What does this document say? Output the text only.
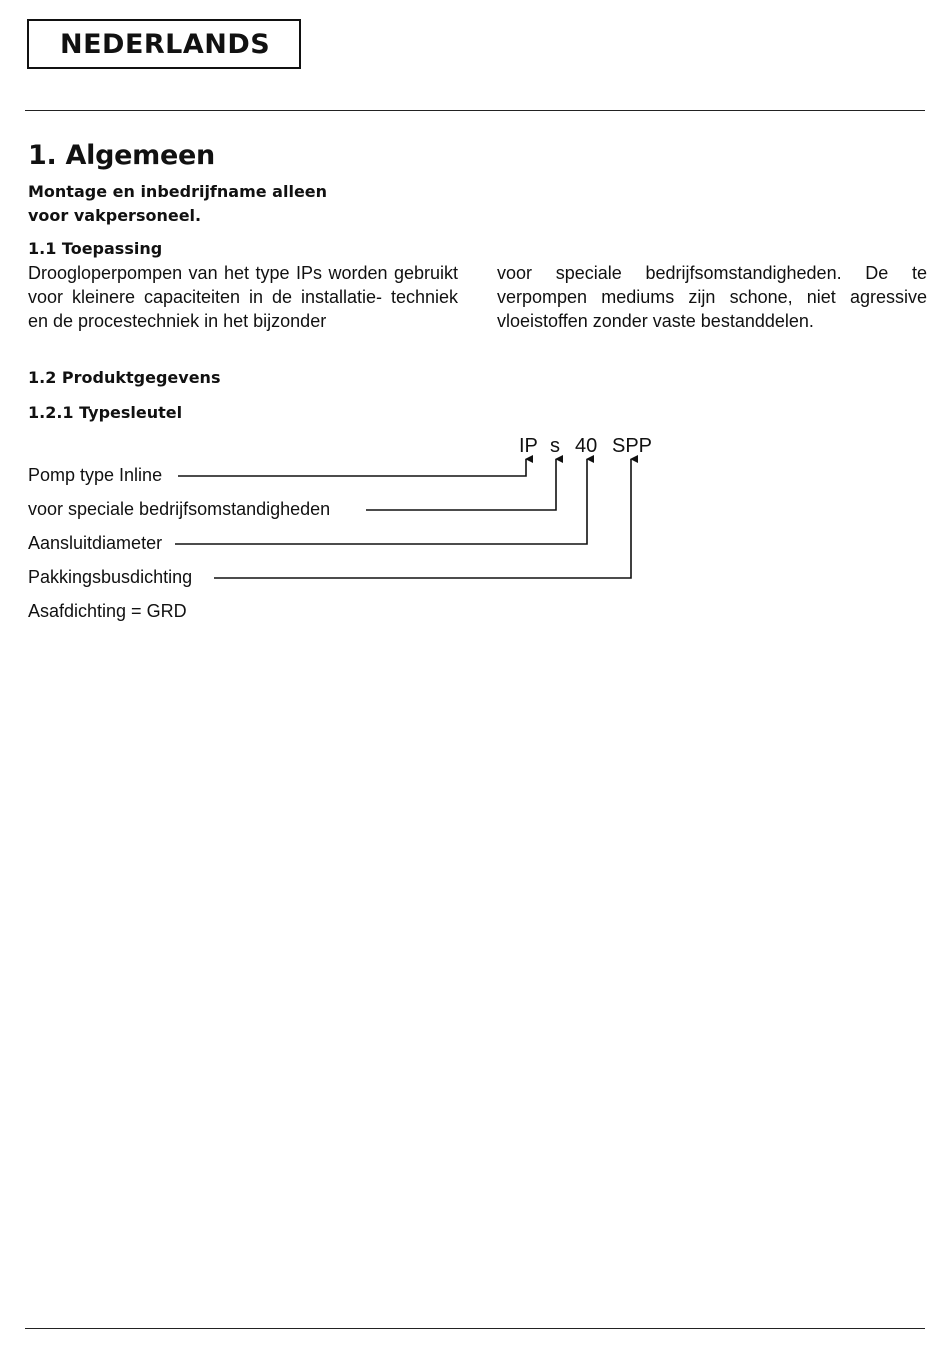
NEDERLANDS
1. Algemeen
Montage en inbedrijfname alleen
voor vakpersoneel.
1.1 Toepassing

Droogloperpompen van het type IPs worden gebruikt voor kleinere capaciteiten in de installatie- techniek en de procestechniek in het bijzonder

voor speciale bedrijfsomstandigheden. De te verpompen mediums zijn schone, niet agressive vloeistoffen zonder vaste bestanddelen.

1.2 Produktgegevens
1.2.1 Typesleutel
IP s 40 SPP
Pomp type Inline
voor speciale bedrijfsomstandigheden
Aansluitdiameter
Pakkingsbusdichting
Asafdichting = GRD
